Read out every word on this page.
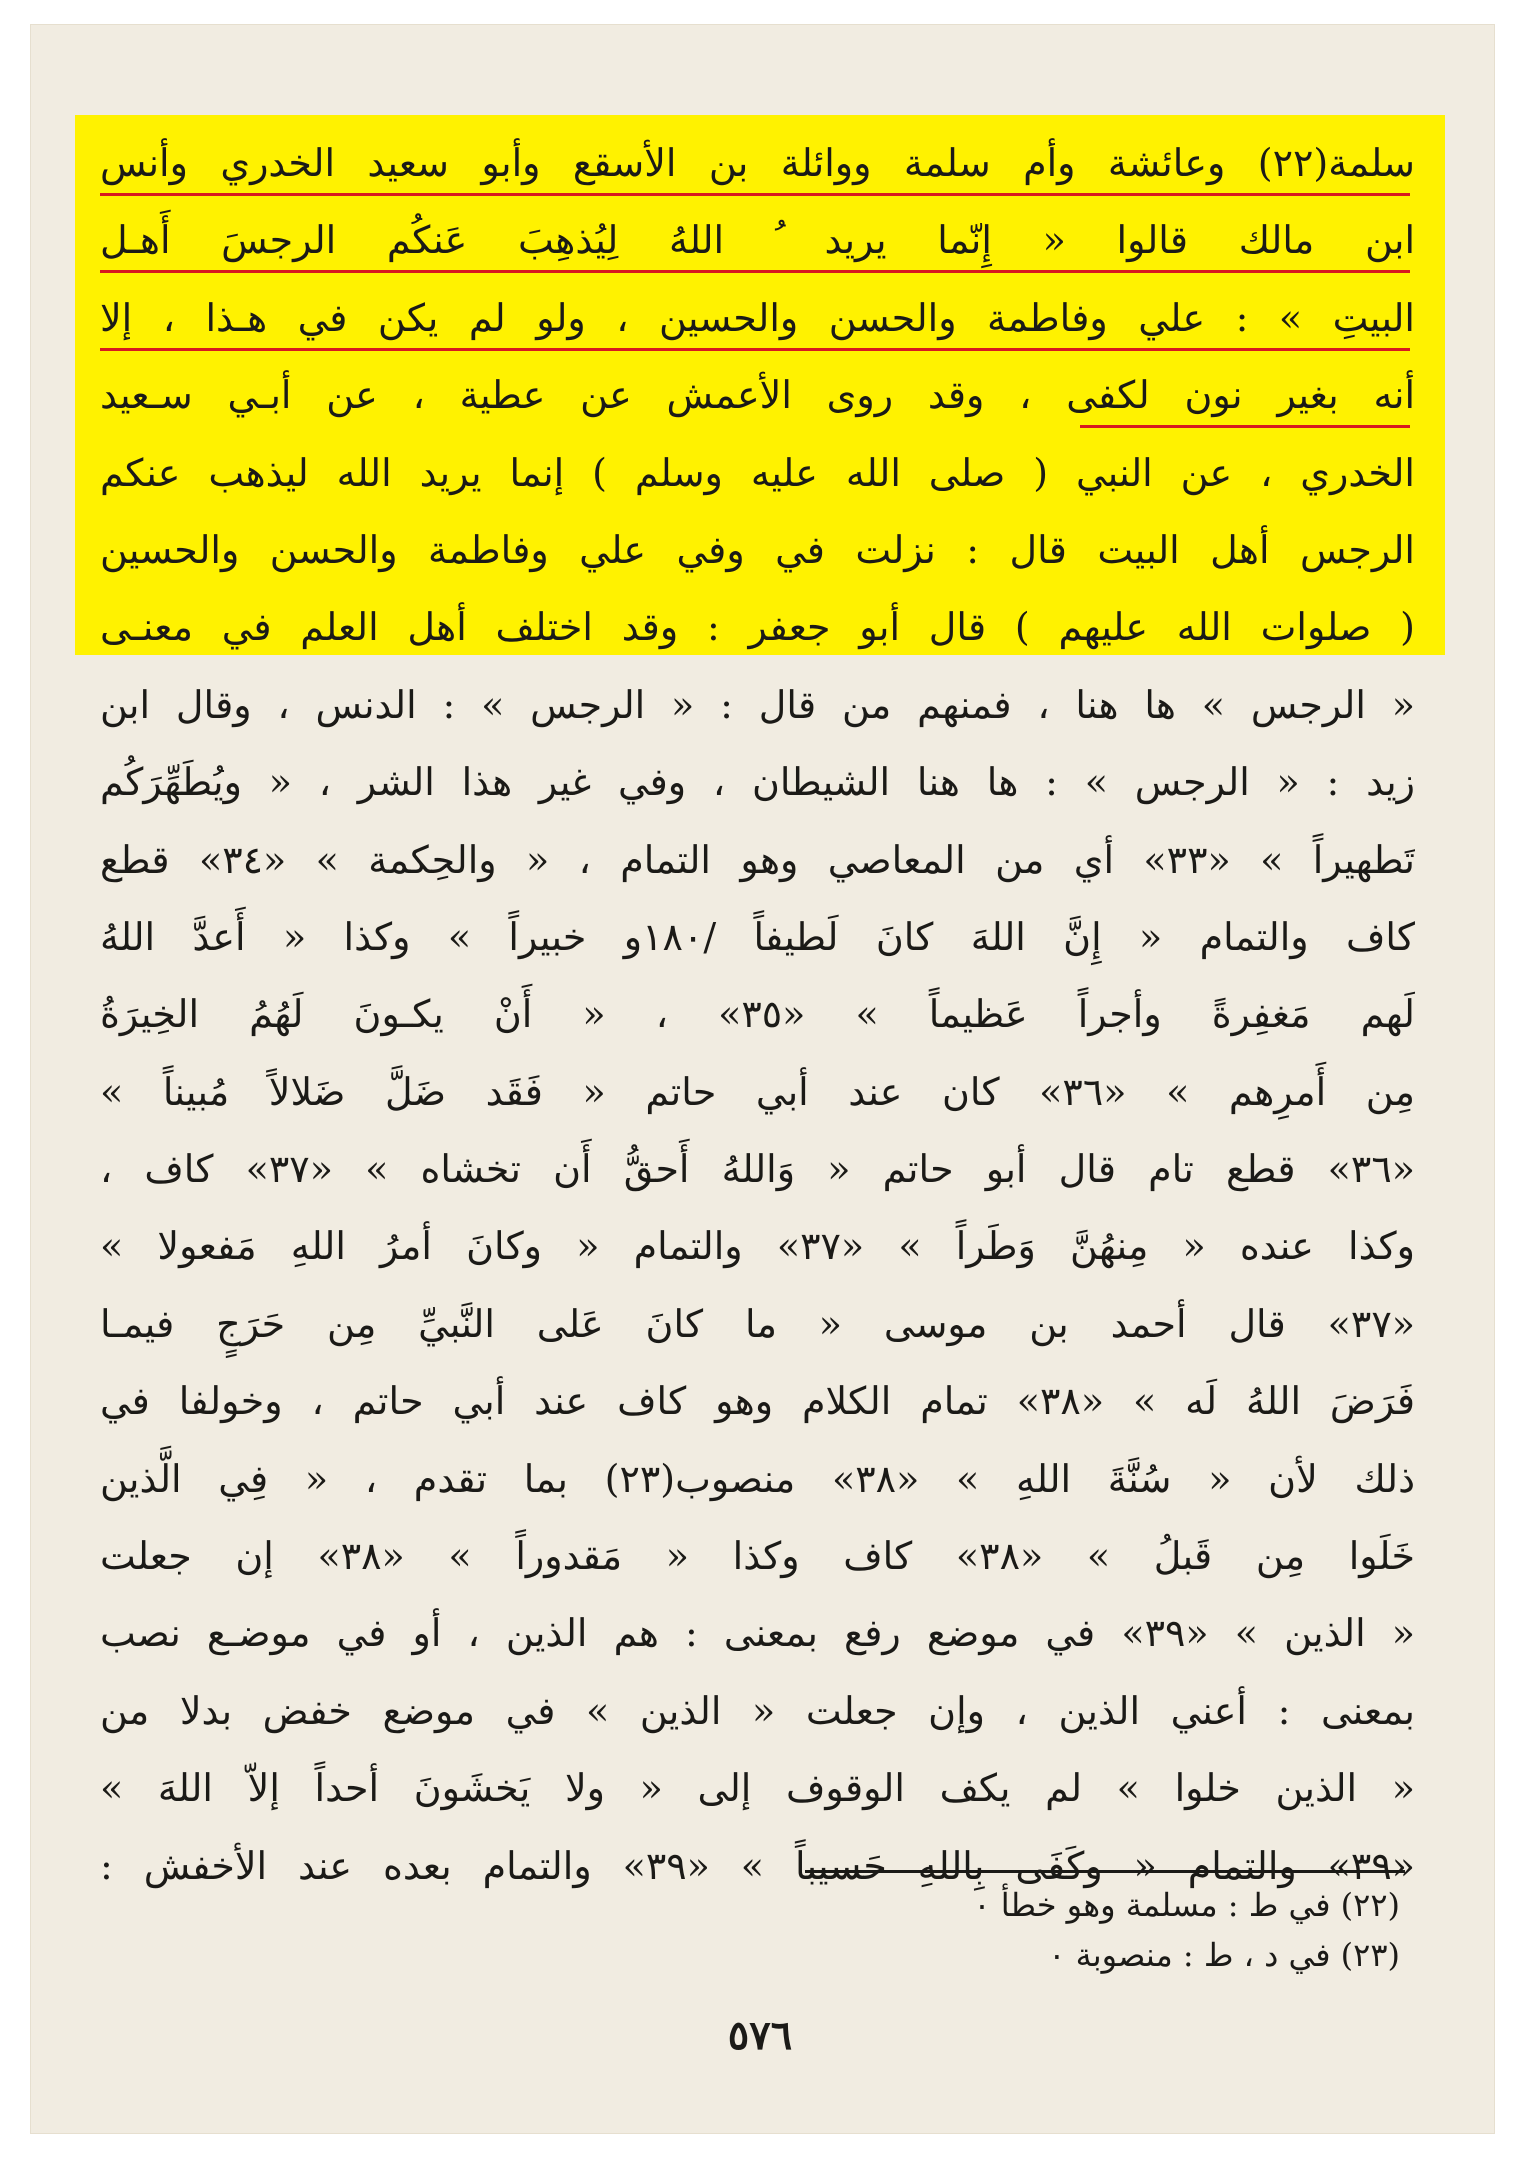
سلمة(٢٢) وعائشة وأم سلمة ووائلة بن الأسقع وأبو سعيد الخدري وأنس
ابن مالك قالوا « إِنّما يريد ُ اللهُ لِيُذهِبَ عَنكُم الرجسَ أَهـل
البيتِ » : علي وفاطمة والحسن والحسين ، ولو لم يكن في هـذا ، إلا
أنه بغير نون لكفى ، وقد روى الأعمش عن عطية ، عن أبـي سـعيد
الخدري ، عن النبي ( صلى الله عليه وسلم ) إنما يريد الله ليذهب عنكم
الرجس أهل البيت قال : نزلت في وفي علي وفاطمة والحسن والحسين
( صلوات الله عليهم ) قال أبو جعفر : وقد اختلف أهل العلم في معنـى
« الرجس » ها هنا ، فمنهم من قال : « الرجس » : الدنس ، وقال ابن
زيد : « الرجس » : ها هنا الشيطان ، وفي غير هذا الشر ، « ويُطَهِّرَكُم
تَطهيراً » «٣٣» أي من المعاصي وهو التمام ، « والحِكمة » «٣٤» قطع
كاف والتمام « إِنَّ اللهَ كانَ لَطيفاً /١٨٠و خبيراً » وكذا « أَعدَّ اللهُ
لَهم مَغفِرةً وأجراً عَظيماً » «٣٥» ، « أَنْ يكـونَ لَهُمُ الخِيرَةُ
مِن أَمرِهم » «٣٦» كان عند أبي حاتم « فَقَد ضَلَّ ضَلالاً مُبيناً »
«٣٦» قطع تام قال أبو حاتم « وَاللهُ أَحقُّ أَن تخشاه » «٣٧» كاف ،
وكذا عنده « مِنهُنَّ وَطَراً » «٣٧» والتمام « وكانَ أمرُ اللهِ مَفعولا »
«٣٧» قال أحمد بن موسى « ما كانَ عَلى النَّبيِّ مِن حَرَجٍ فيمـا
فَرَضَ اللهُ لَه » «٣٨» تمام الكلام وهو كاف عند أبي حاتم ، وخولفا في
ذلك لأن « سُنَّةَ اللهِ » «٣٨» منصوب(٢٣) بما تقدم ، « فِي الَّذين
خَلَوا مِن قَبلُ » «٣٨» كاف وكذا « مَقدوراً » «٣٨» إن جعلت
« الذين » «٣٩» في موضع رفع بمعنى : هم الذين ، أو في موضـع نصب
بمعنى : أعني الذين ، وإن جعلت « الذين » في موضع خفض بدلا من
« الذين خلوا » لم يكف الوقوف إلى « ولا يَخشَونَ أحداً إلاّ اللهَ »
«٣٩» والتمام « وكَفَى بِاللهِ حَسيباً » «٣٩» والتمام بعده عند الأخفش :
(٢٢) في ط : مسلمة وهو خطأ ٠
(٢٣) في د ، ط : منصوبة ٠
٥٧٦
